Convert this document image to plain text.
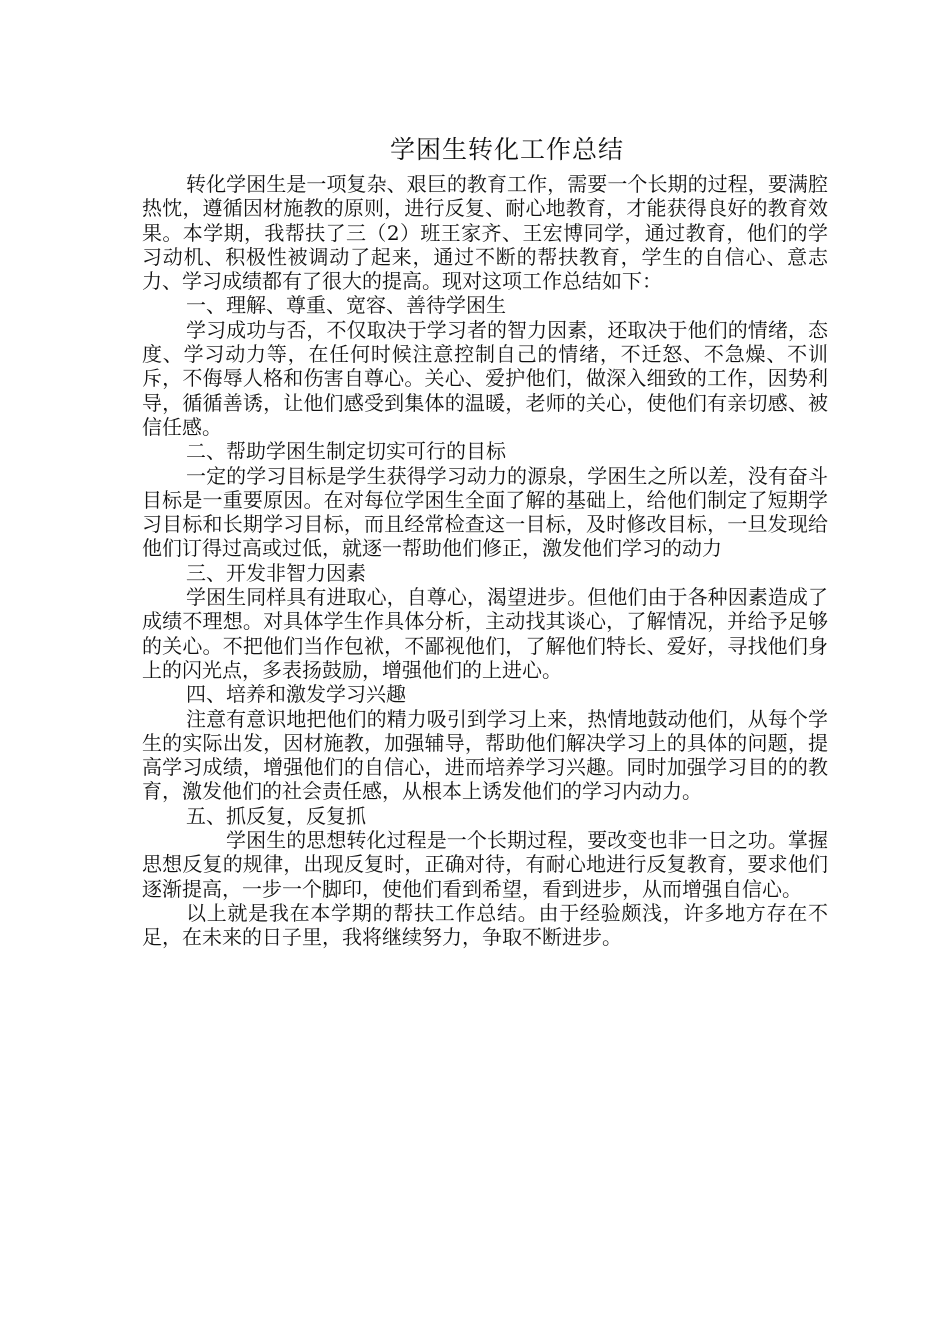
学困生转化工作总结

转化学困生是一项复杂、艰巨的教育工作，需要一个长期的过程，要满腔热忱，遵循因材施教的原则，进行反复、耐心地教育，才能获得良好的教育效果。本学期，我帮扶了三（2）班王家齐、王宏博同学，通过教育，他们的学习动机、积极性被调动了起来，通过不断的帮扶教育，学生的自信心、意志力、学习成绩都有了很大的提高。现对这项工作总结如下：

一、理解、尊重、宽容、善待学困生

学习成功与否，不仅取决于学习者的智力因素，还取决于他们的情绪，态度、学习动力等，在任何时候注意控制自己的情绪，不迁怒、不急燥、不训斥，不侮辱人格和伤害自尊心。关心、爱护他们，做深入细致的工作，因势利导，循循善诱，让他们感受到集体的温暖，老师的关心，使他们有亲切感、被信任感。

二、帮助学困生制定切实可行的目标

一定的学习目标是学生获得学习动力的源泉，学困生之所以差，没有奋斗目标是一重要原因。在对每位学困生全面了解的基础上，给他们制定了短期学习目标和长期学习目标，而且经常检查这一目标，及时修改目标，一旦发现给他们订得过高或过低，就逐一帮助他们修正，激发他们学习的动力

三、开发非智力因素

学困生同样具有进取心，自尊心，渴望进步。但他们由于各种因素造成了成绩不理想。对具体学生作具体分析，主动找其谈心，了解情况，并给予足够的关心。不把他们当作包袱，不鄙视他们，了解他们特长、爱好，寻找他们身上的闪光点，多表扬鼓励，增强他们的上进心。

四、培养和激发学习兴趣

注意有意识地把他们的精力吸引到学习上来，热情地鼓动他们，从每个学生的实际出发，因材施教，加强辅导，帮助他们解决学习上的具体的问题，提高学习成绩，增强他们的自信心，进而培养学习兴趣。同时加强学习目的的教育，激发他们的社会责任感，从根本上诱发他们的学习内动力。

五、抓反复，反复抓

学困生的思想转化过程是一个长期过程，要改变也非一日之功。掌握思想反复的规律，出现反复时，正确对待，有耐心地进行反复教育，要求他们逐渐提高，一步一个脚印，使他们看到希望，看到进步，从而增强自信心。

以上就是我在本学期的帮扶工作总结。由于经验颇浅，许多地方存在不足，在未来的日子里，我将继续努力，争取不断进步。
